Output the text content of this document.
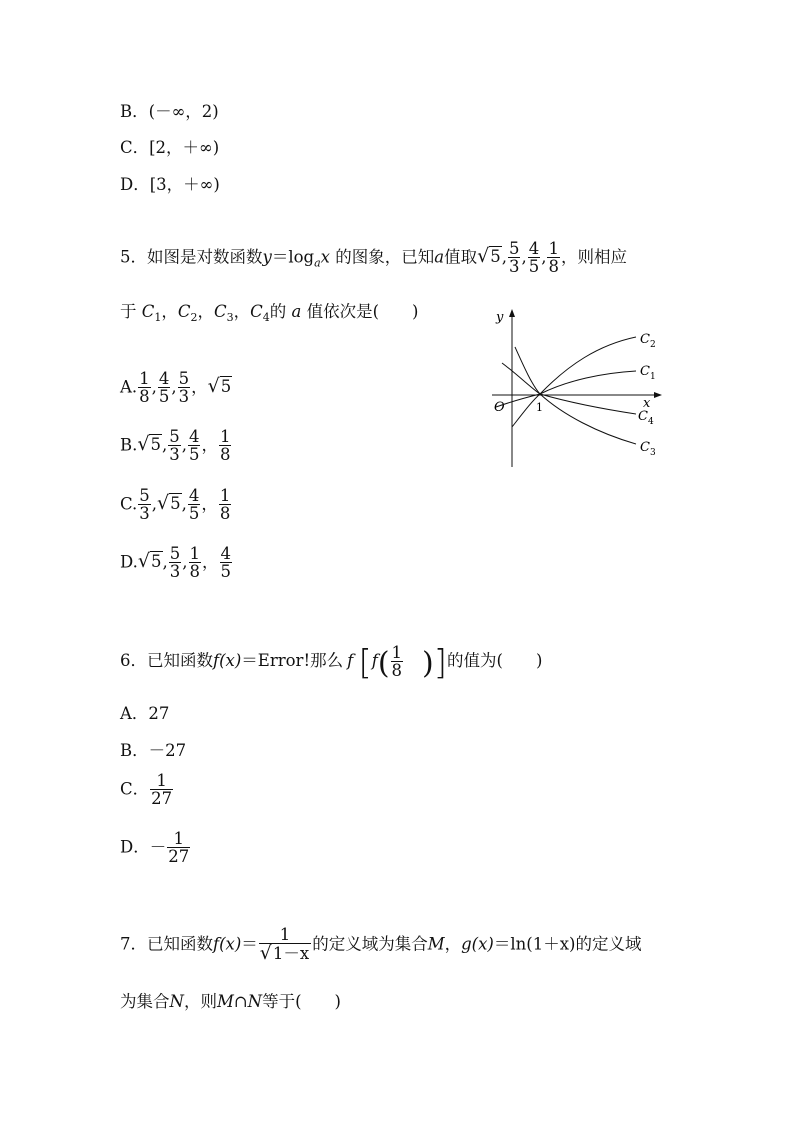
B．(－∞，2)
C．[2，＋∞)
D．[3，＋∞)
5．如图是对数函数$y=\log_ax$ 的图象，已知a值取√5, $\frac{5}{3}$ , $\frac{4}{5}$ , $\frac{1}{8}$ ，则相应
于 $C_1$，$C_2$，$C_3$，$C_4$的 a 值依次是(　　)
A. $\frac{1}{8}$ , $\frac{4}{5}$ , $\frac{5}{3}$ ，√5
B.√5, $\frac{5}{3}$ , $\frac{4}{5}$ ， $\frac{1}{8}$
C. $\frac{5}{3} ,√5$, $\frac{4}{5}$ ， $\frac{1}{8}$
D.√5, $\frac{5}{3}$ , $\frac{1}{8}$ ， $\frac{4}{5}$
y
x
O	1
$C_2$
$C_1$
$C_4$
$C_3$
6．已知函数f(x)＝Error!那么 f [$f( \frac{1}{8}$ )]的值为(　　)
A．27
B．－27
C． $\frac{1}{27}$
D．－ $\frac{1}{27}$
7．已知函数$f(x)= \frac{1}{√1-x}$ 的定义域为集合M，g(x)＝ln(1＋x)的定义域
为集合N，则M∩N等于(　　)
